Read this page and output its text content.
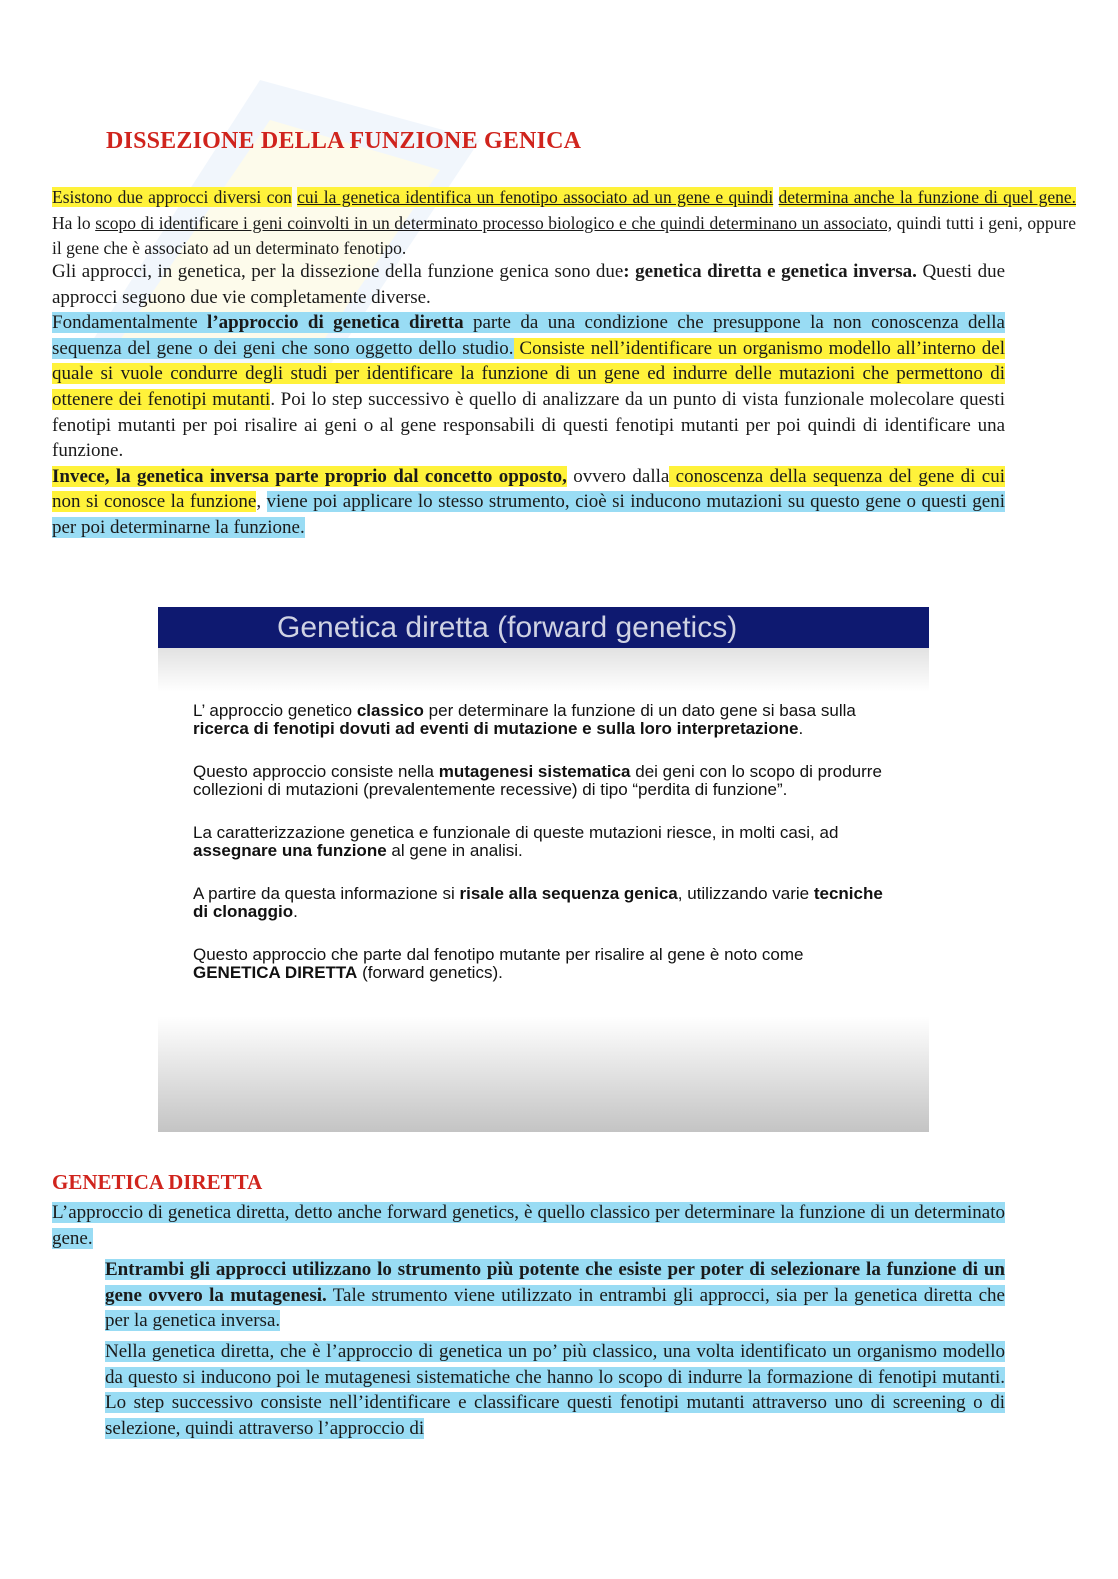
DISSEZIONE DELLA FUNZIONE GENICA

Esistono due approcci diversi con cui la genetica identifica un fenotipo associato ad un gene e quindi determina anche la funzione di quel gene. Ha lo scopo di identificare i geni coinvolti in un determinato processo biologico e che quindi determinano un associato, quindi tutti i geni, oppure il gene che è associato ad un determinato fenotipo.

Gli approcci, in genetica, per la dissezione della funzione genica sono due: genetica diretta e genetica inversa. Questi due approcci seguono due vie completamente diverse.
Fondamentalmente l’approccio di genetica diretta parte da una condizione che presuppone la non conoscenza della sequenza del gene o dei geni che sono oggetto dello studio. Consiste nell’identificare un organismo modello all’interno del quale si vuole condurre degli studi per identificare la funzione di un gene ed indurre delle mutazioni che permettono di ottenere dei fenotipi mutanti. Poi lo step successivo è quello di analizzare da un punto di vista funzionale molecolare questi fenotipi mutanti per poi risalire ai geni o al gene responsabili di questi fenotipi mutanti per poi quindi di identificare una funzione.
Invece, la genetica inversa parte proprio dal concetto opposto, ovvero dalla conoscenza della sequenza del gene di cui non si conosce la funzione, viene poi applicare lo stesso strumento, cioè si inducono mutazioni su questo gene o questi geni per poi determinarne la funzione.

Genetica diretta (forward genetics)

L’ approccio genetico classico per determinare la funzione di un dato gene si basa sulla ricerca di fenotipi dovuti ad eventi di mutazione e sulla loro interpretazione.

Questo approccio consiste nella mutagenesi sistematica dei geni con lo scopo di produrre collezioni di mutazioni (prevalentemente recessive) di tipo “perdita di funzione”.

La caratterizzazione genetica e funzionale di queste mutazioni riesce, in molti casi, ad assegnare una funzione al gene in analisi.

A partire da questa informazione si risale alla sequenza genica, utilizzando varie tecniche di clonaggio.

Questo approccio che parte dal fenotipo mutante per risalire al gene è noto come GENETICA DIRETTA (forward genetics).

GENETICA DIRETTA

L’approccio di genetica diretta, detto anche forward genetics, è quello classico per determinare la funzione di un determinato gene.

Entrambi gli approcci utilizzano lo strumento più potente che esiste per poter di selezionare la funzione di un gene ovvero la mutagenesi. Tale strumento viene utilizzato in entrambi gli approcci, sia per la genetica diretta che per la genetica inversa.

Nella genetica diretta, che è l’approccio di genetica un po’ più classico, una volta identificato un organismo modello da questo si inducono poi le mutagenesi sistematiche che hanno lo scopo di indurre la formazione di fenotipi mutanti. Lo step successivo consiste nell’identificare e classificare questi fenotipi mutanti attraverso uno di screening o di selezione, quindi attraverso l’approccio di
